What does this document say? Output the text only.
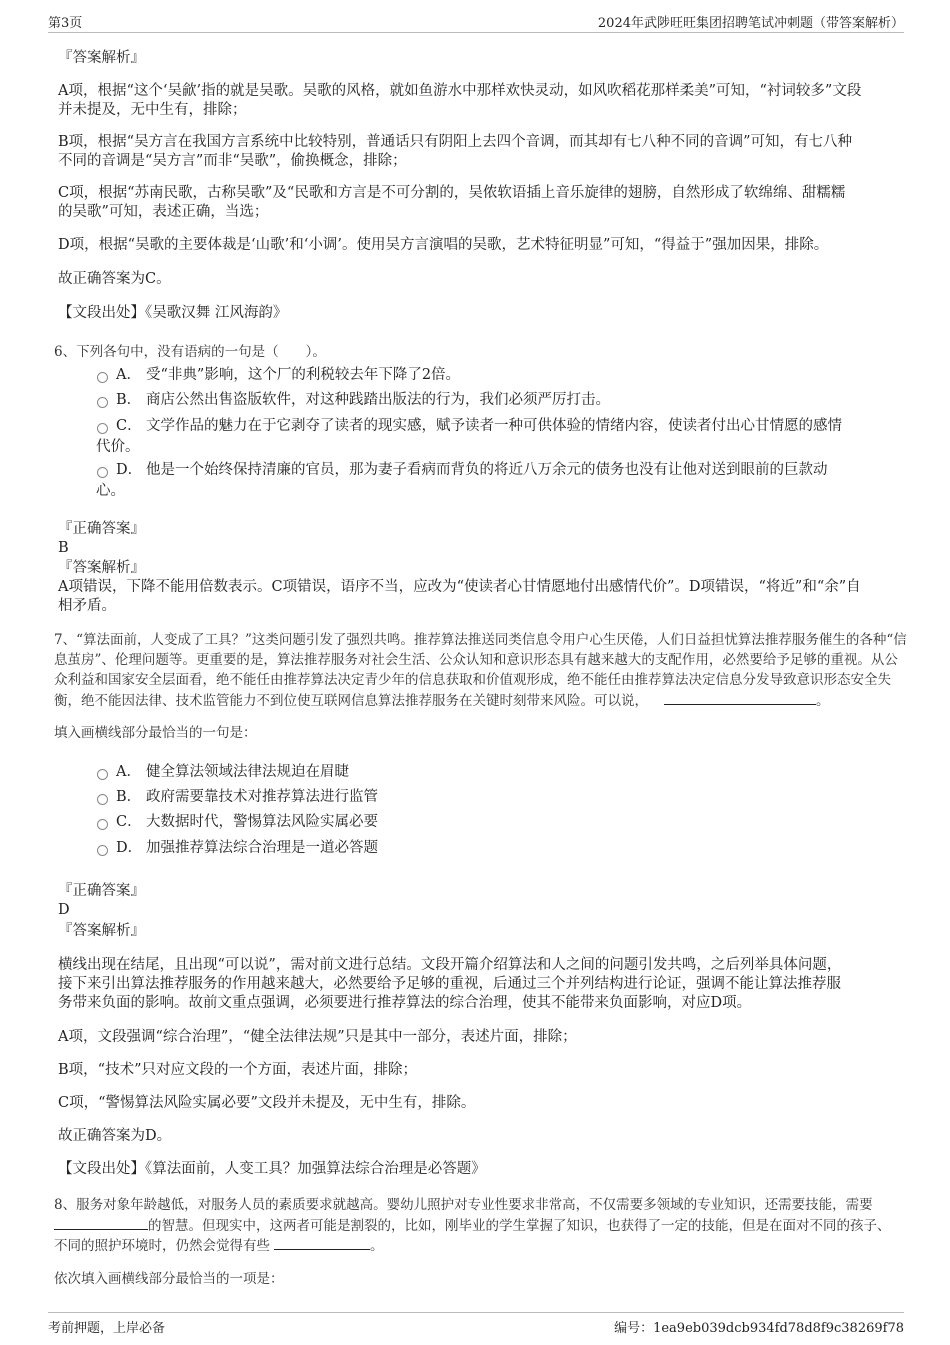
第3页	2024年武陟旺旺集团招聘笔试冲刺题（带答案解析）

『答案解析』

A项，根据“这个‘吴歈’指的就是吴歌。吴歌的风格，就如鱼游水中那样欢快灵动，如风吹稻花那样柔美”可知，“衬词较多”文段

并未提及，无中生有，排除；

B项，根据“吴方言在我国方言系统中比较特别，普通话只有阴阳上去四个音调，而其却有七八种不同的音调”可知，有七八种

不同的音调是“吴方言”而非“吴歌”，偷换概念，排除；

C项，根据“苏南民歌，古称吴歌”及“民歌和方言是不可分割的，吴侬软语插上音乐旋律的翅膀，自然形成了软绵绵、甜糯糯

的吴歌”可知，表述正确，当选；

D项，根据“吴歌的主要体裁是‘山歌’和‘小调’。使用吴方言演唱的吴歌，艺术特征明显”可知，“得益于”强加因果，排除。

故正确答案为C。

【文段出处】《吴歌汉舞 江风海韵》

6、下列各句中，没有语病的一句是（　　）。

A． 受“非典”影响，这个厂的利税较去年下降了2倍。

B． 商店公然出售盗版软件，对这种践踏出版法的行为，我们必须严厉打击。

C． 文学作品的魅力在于它剥夺了读者的现实感，赋予读者一种可供体验的情绪内容，使读者付出心甘情愿的感情

代价。

D． 他是一个始终保持清廉的官员，那为妻子看病而背负的将近八万余元的债务也没有让他对送到眼前的巨款动

心。

『正确答案』

B

『答案解析』

A项错误，下降不能用倍数表示。C项错误，语序不当，应改为“使读者心甘情愿地付出感情代价”。D项错误，“将近”和“余”自

相矛盾。

7、“算法面前，人变成了工具？”这类问题引发了强烈共鸣。推荐算法推送同类信息令用户心生厌倦，人们日益担忧算法推荐服务催生的各种“信

息茧房”、伦理问题等。更重要的是，算法推荐服务对社会生活、公众认知和意识形态具有越来越大的支配作用，必然要给予足够的重视。从公

众利益和国家安全层面看，绝不能任由推荐算法决定青少年的信息获取和价值观形成，绝不能任由推荐算法决定信息分发导致意识形态安全失

衡，绝不能因法律、技术监管能力不到位使互联网信息算法推荐服务在关键时刻带来风险。可以说，	。

填入画横线部分最恰当的一句是：

A． 健全算法领域法律法规迫在眉睫

B． 政府需要靠技术对推荐算法进行监管

C． 大数据时代，警惕算法风险实属必要

D． 加强推荐算法综合治理是一道必答题

『正确答案』

D

『答案解析』

横线出现在结尾，且出现“可以说”，需对前文进行总结。文段开篇介绍算法和人之间的问题引发共鸣，之后列举具体问题，

接下来引出算法推荐服务的作用越来越大，必然要给予足够的重视，后通过三个并列结构进行论证，强调不能让算法推荐服

务带来负面的影响。故前文重点强调，必须要进行推荐算法的综合治理，使其不能带来负面影响，对应D项。

A项，文段强调“综合治理”，“健全法律法规”只是其中一部分，表述片面，排除；

B项，“技术”只对应文段的一个方面，表述片面，排除；

C项，“警惕算法风险实属必要”文段并未提及，无中生有，排除。

故正确答案为D。

【文段出处】《算法面前，人变工具？加强算法综合治理是必答题》

8、服务对象年龄越低，对服务人员的素质要求就越高。婴幼儿照护对专业性要求非常高，不仅需要多领域的专业知识，还需要技能，需要

的智慧。但现实中，这两者可能是割裂的，比如，刚毕业的学生掌握了知识，也获得了一定的技能，但是在面对不同的孩子、

不同的照护环境时，仍然会觉得有些	。

依次填入画横线部分最恰当的一项是：

考前押题，上岸必备	编号：1ea9eb039dcb934fd78d8f9c38269f78
